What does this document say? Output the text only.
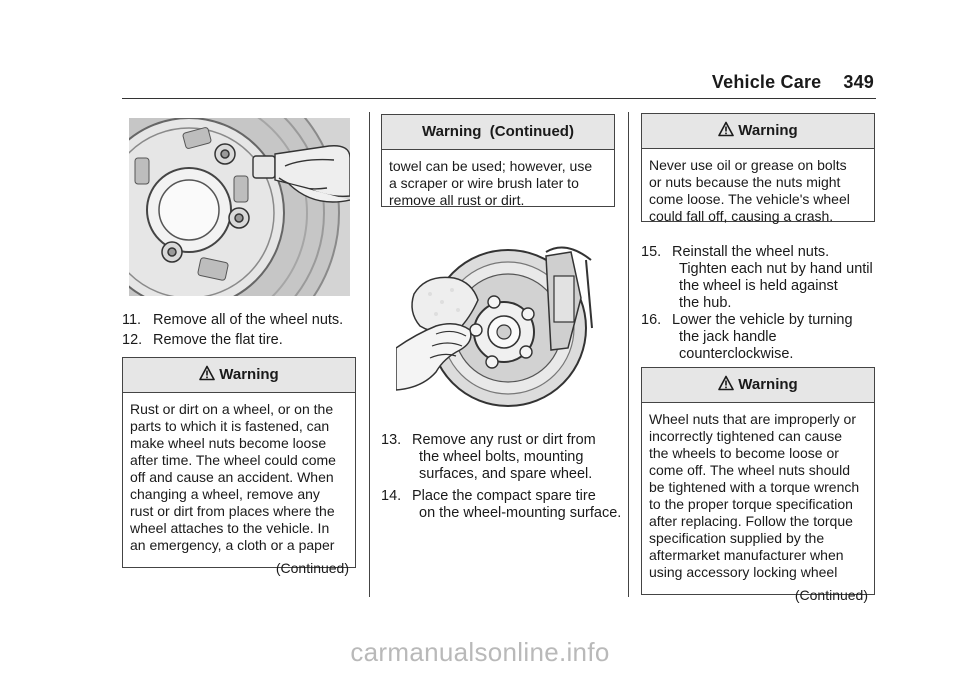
Vehicle Care 349
11. Remove all of the wheel nuts.
12. Remove the flat tire.
Warning
Rust or dirt on a wheel, or on the
parts to which it is fastened, can
make wheel nuts become loose
after time. The wheel could come
off and cause an accident. When
changing a wheel, remove any
rust or dirt from places where the
wheel attaches to the vehicle. In
an emergency, a cloth or a paper
(Continued)
Warning  (Continued)
towel can be used; however, use
a scraper or wire brush later to
remove all rust or dirt.
13. Remove any rust or dirt from
the wheel bolts, mounting
surfaces, and spare wheel.
14. Place the compact spare tire
on the wheel-mounting surface.
Warning
Never use oil or grease on bolts
or nuts because the nuts might
come loose. The vehicle's wheel
could fall off, causing a crash.
15. Reinstall the wheel nuts.
Tighten each nut by hand until
the wheel is held against
the hub.
16. Lower the vehicle by turning
the jack handle
counterclockwise.
Warning
Wheel nuts that are improperly or
incorrectly tightened can cause
the wheels to become loose or
come off. The wheel nuts should
be tightened with a torque wrench
to the proper torque specification
after replacing. Follow the torque
specification supplied by the
aftermarket manufacturer when
using accessory locking wheel
(Continued)
carmanualsonline.info
